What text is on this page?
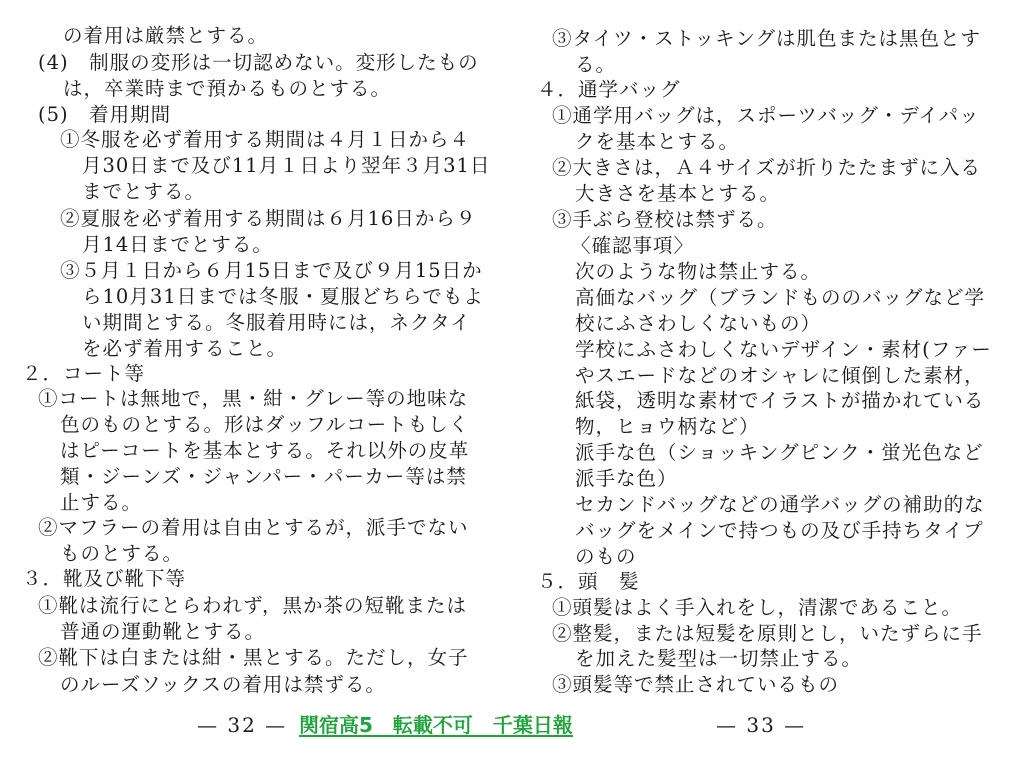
の着用は厳禁とする。
(4)　制服の変形は一切認めない。変形したもの
は，卒業時まで預かるものとする。
(5)　着用期間
①冬服を必ず着用する期間は４月１日から４
月30日まで及び11月１日より翌年３月31日
までとする。
②夏服を必ず着用する期間は６月16日から９
月14日までとする。
③５月１日から６月15日まで及び９月15日か
ら10月31日までは冬服・夏服どちらでもよ
い期間とする。冬服着用時には，ネクタイ
を必ず着用すること。
２．コート等
①コートは無地で，黒・紺・グレー等の地味な
色のものとする。形はダッフルコートもしく
はピーコートを基本とする。それ以外の皮革
類・ジーンズ・ジャンパー・パーカー等は禁
止する。
②マフラーの着用は自由とするが，派手でない
ものとする。
３．靴及び靴下等
①靴は流行にとらわれず，黒か茶の短靴または
普通の運動靴とする。
②靴下は白または紺・黒とする。ただし，女子
のルーズソックスの着用は禁ずる。
— 32 —
③タイツ・ストッキングは肌色または黒色とす
る。
４．通学バッグ
①通学用バッグは，スポーツバッグ・デイパッ
クを基本とする。
②大きさは，Ａ４サイズが折りたたまずに入る
大きさを基本とする。
③手ぶら登校は禁ずる。
〈確認事項〉
次のような物は禁止する。
高価なバッグ（ブランドもののバッグなど学
校にふさわしくないもの）
学校にふさわしくないデザイン・素材(ファー
やスエードなどのオシャレに傾倒した素材，
紙袋，透明な素材でイラストが描かれている
物，ヒョウ柄など）
派手な色（ショッキングピンク・蛍光色など
派手な色）
セカンドバッグなどの通学バッグの補助的な
バッグをメインで持つもの及び手持ちタイプ
のもの
５．頭　髪
①頭髪はよく手入れをし，清潔であること。
②整髪，または短髪を原則とし，いたずらに手
を加えた髪型は一切禁止する。
③頭髪等で禁止されているもの
— 33 —
関宿高5　転載不可　千葉日報
